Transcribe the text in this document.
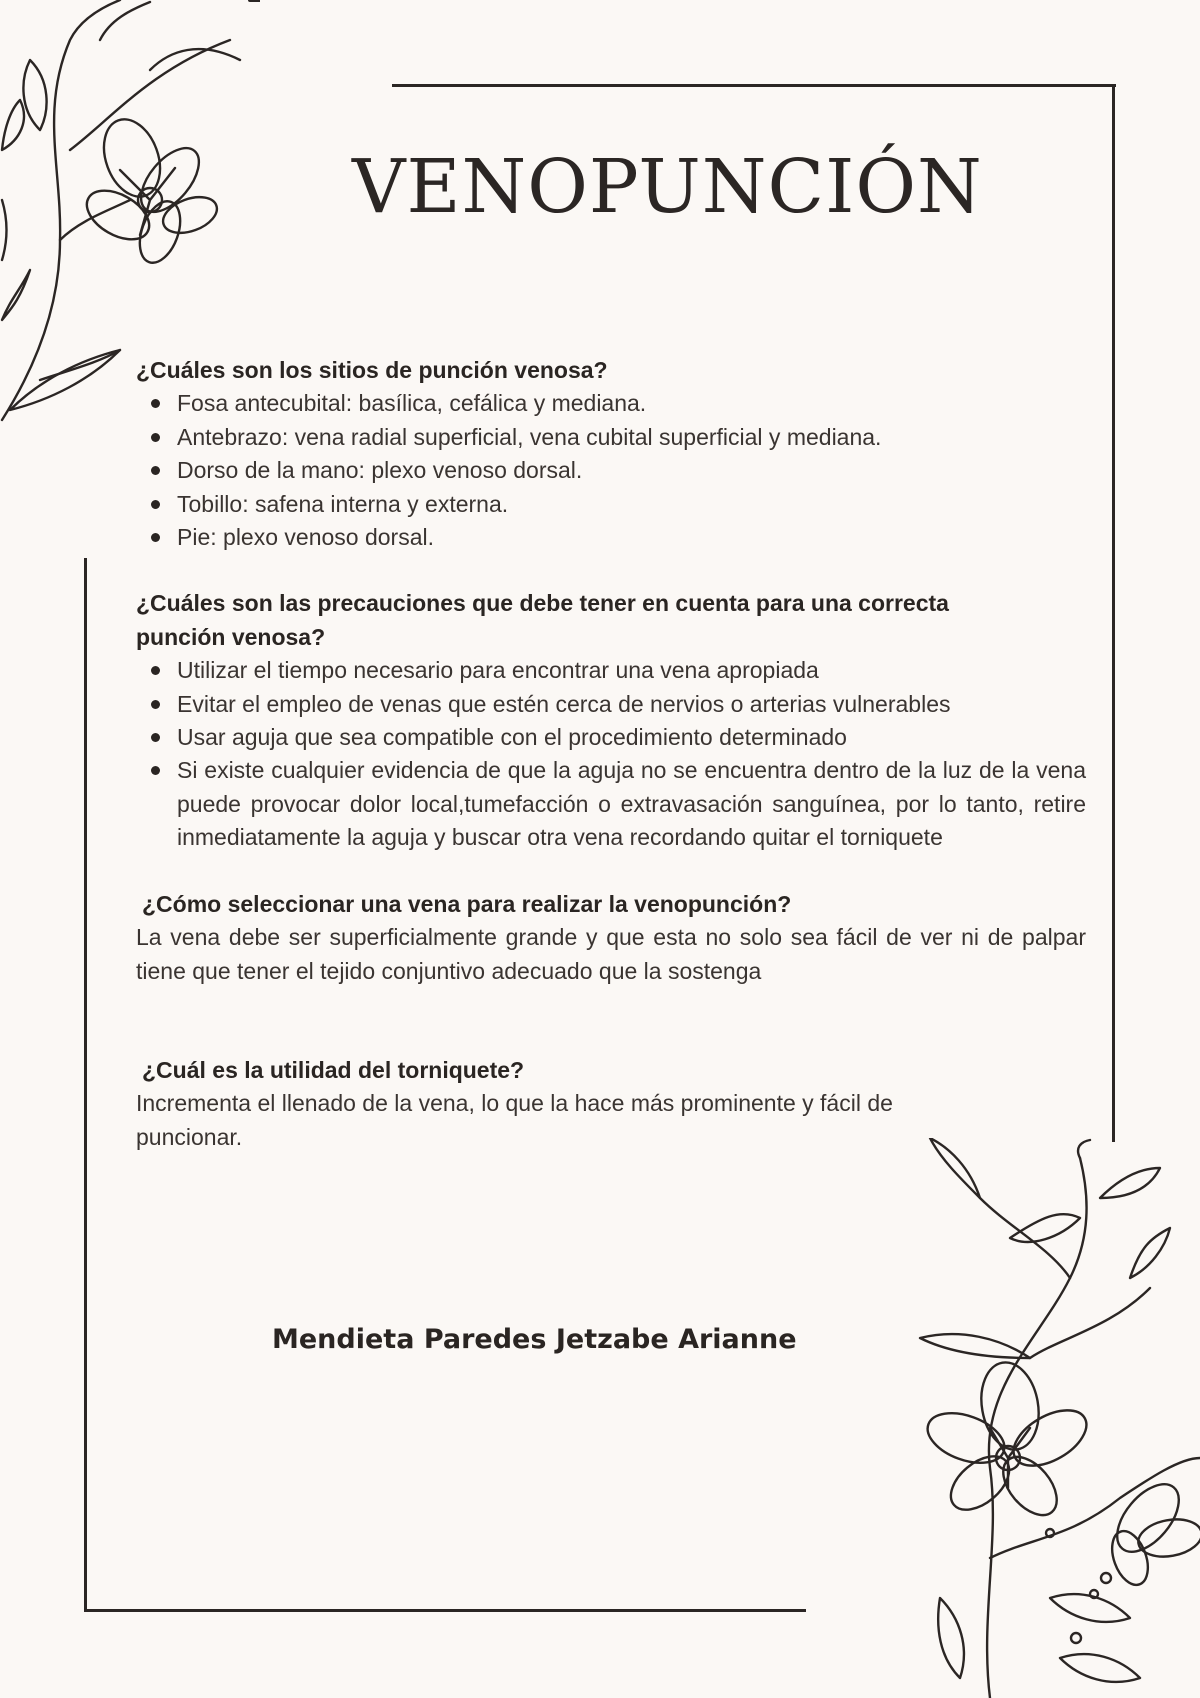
VENOPUNCIÓN

¿Cuáles son los sitios de punción venosa?

Fosa antecubital: basílica, cefálica y mediana.
Antebrazo: vena radial superficial, vena cubital superficial y mediana.
Dorso de la mano: plexo venoso dorsal.
Tobillo: safena interna y externa.
Pie: plexo venoso dorsal.

¿Cuáles son las precauciones que debe tener en cuenta para una correcta punción venosa?

Utilizar el tiempo necesario para encontrar una vena apropiada
Evitar el empleo de venas que estén cerca de nervios o arterias vulnerables
Usar aguja que sea compatible con el procedimiento determinado
Si existe cualquier evidencia de que la aguja no se encuentra dentro de la luz de la vena puede provocar dolor local,tumefacción o extravasación sanguínea, por lo tanto, retire inmediatamente la aguja y buscar otra vena recordando quitar el torniquete

¿Cómo seleccionar una vena para realizar la venopunción?

La vena debe ser superficialmente grande y que esta no solo sea fácil de ver ni de palpar tiene que tener el tejido conjuntivo adecuado que la sostenga

¿Cuál es la utilidad del torniquete?

Incrementa el llenado de la vena, lo que la hace más prominente y fácil de puncionar.

Mendieta Paredes Jetzabe Arianne
